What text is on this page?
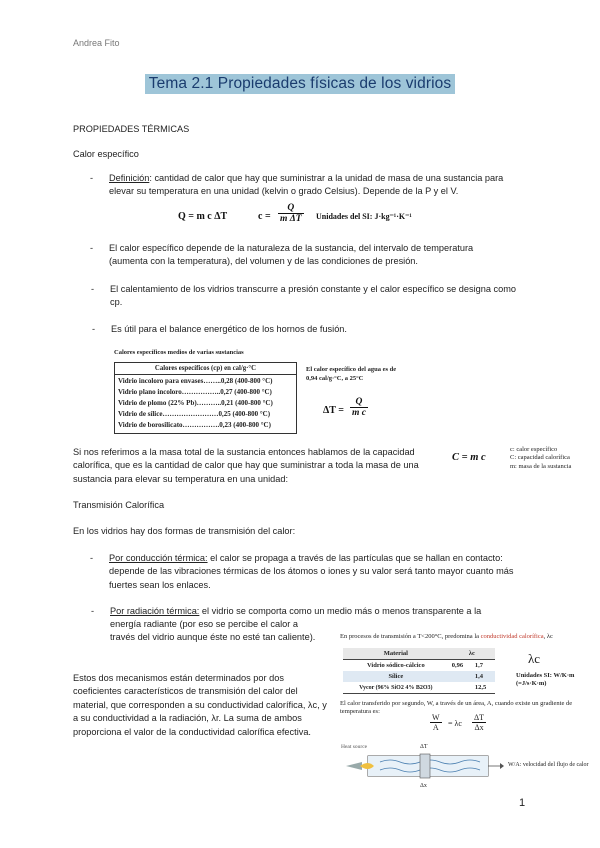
Andrea Fito
Tema 2.1 Propiedades físicas de los vidrios
PROPIEDADES TÉRMICAS
Calor específico
- Definición: cantidad de calor que hay que suministrar a la unidad de masa de una sustancia para elevar su temperatura en una unidad (kelvin o grado Celsius). Depende de la P y el V.
Q = m c ΔT	$c = \frac{Q}{\text{m ΔT}}$ Unidades del SI: J·kg⁻¹·K⁻¹
- El calor específico depende de la naturaleza de la sustancia, del intervalo de temperatura (aumenta con la temperatura), del volumen y de las condiciones de presión.
- El calentamiento de los vidrios transcurre a presión constante y el calor específico se designa como cp.
- Es útil para el balance energético de los hornos de fusión.
Calores específicos medios de varias sustancias
Calores específicos (cp) en cal/g·°C
Vidrio incoloro para envases……..0,28 (400-800 °C)
Vidrio plano incoloro……………..0,27 (400-800 °C)
Vidrio de plomo (22% Pb)………..0,21 (400-800 °C)
Vidrio de sílice……………………0,25 (400-800 °C)
Vidrio de borosilicato…………….0,23 (400-800 °C)
El calor específico del agua es de 0,94 cal/g·°C, a 25°C
$\Delta T = \frac{Q}{\text{m c}}$
Si nos referimos a la masa total de la sustancia entonces hablamos de la capacidad calorífica, que es la cantidad de calor que hay que suministrar a toda la masa de una sustancia para elevar su temperatura en una unidad:
C = m c
c: calor específico
C: capacidad calorífica
m: masa de la sustancia
Transmisión Calorífica
En los vidrios hay dos formas de transmisión del calor:
- Por conducción térmica: el calor se propaga a través de las partículas que se hallan en contacto: depende de las vibraciones térmicas de los átomos o iones y su valor será tanto mayor cuanto más fuertes sean los enlaces.
- Por radiación térmica: el vidrio se comporta como un medio más o menos transparente a la
energía radiante (por eso se percibe el calor a través del vidrio aunque éste no esté tan caliente).
Estos dos mecanismos están determinados por dos coeficientes característicos de transmisión del calor del material, que corresponden a su conductividad calorífica, λc, y a su conductividad a la radiación, λr. La suma de ambos proporciona el valor de la conductividad calorífica efectiva.
En procesos de transmisión a T<200°C, predomina la conductividad calorífica, λc
Material	λc	
Vidrio sódico-cálcico	0,96	1,7
Sílice		1,4
Vycor (96% SiO2 4% B2O3)		12,5
λc
Unidades SI: W/K·m (=J/s·K·m)
El calor transferido por segundo, W, a través de un área, A, cuando existe un gradiente de temperatura es:
$\frac{W}{A} = \lambda c \frac{\Delta T}{\Delta x}$
Heat source	ΔT
Δx
W/A: velocidad del flujo de calor
1
